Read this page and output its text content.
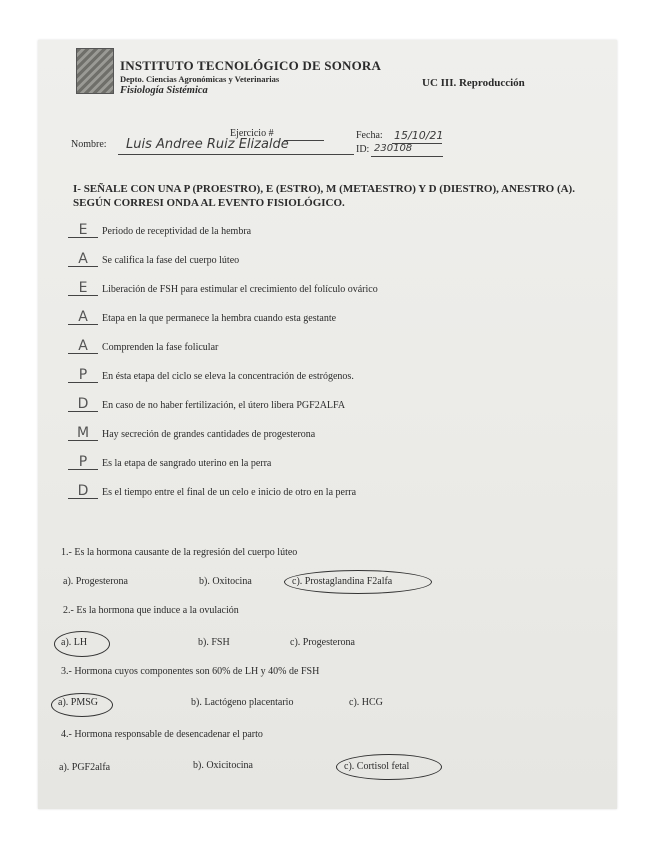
INSTITUTO TECNOLÓGICO DE SONORA
Depto. Ciencias Agronómicas y Veterinarias
Fisiología Sistémica
UC III. Reproducción
Ejercicio #	Fecha: 15/10/21
Nombre: Luis Andree Ruiz Elizalde	ID: 230108
I- SEÑALE CON UNA P (PROESTRO), E (ESTRO), M (METAESTRO) Y D (DIESTRO), ANESTRO (A). SEGÚN CORRESI ONDA AL EVENTO FISIOLÓGICO.
E Periodo de receptividad de la hembra
A Se califica la fase del cuerpo lúteo
E Liberación de FSH para estimular el crecimiento del folículo ovárico
A Etapa en la que permanece la hembra cuando esta gestante
A Comprenden la fase folicular
P En ésta etapa del ciclo se eleva la concentración de estrógenos.
D En caso de no haber fertilización, el útero libera PGF2ALFA
M Hay secreción de grandes cantidades de progesterona
P Es la etapa de sangrado uterino en la perra
D Es el tiempo entre el final de un celo e inicio de otro en la perra
1.- Es la hormona causante de la regresión del cuerpo lúteo
a). Progesterona	b). Oxitocina	c). Prostaglandina F2alfa
2.- Es la hormona que induce a la ovulación
a). LH	b). FSH	c). Progesterona
3.- Hormona cuyos componentes son 60% de LH y 40% de FSH
a). PMSG	b). Lactógeno placentario	c). HCG
4.- Hormona responsable de desencadenar el parto
a). PGF2alfa	b). Oxicitocina	c). Cortisol fetal
